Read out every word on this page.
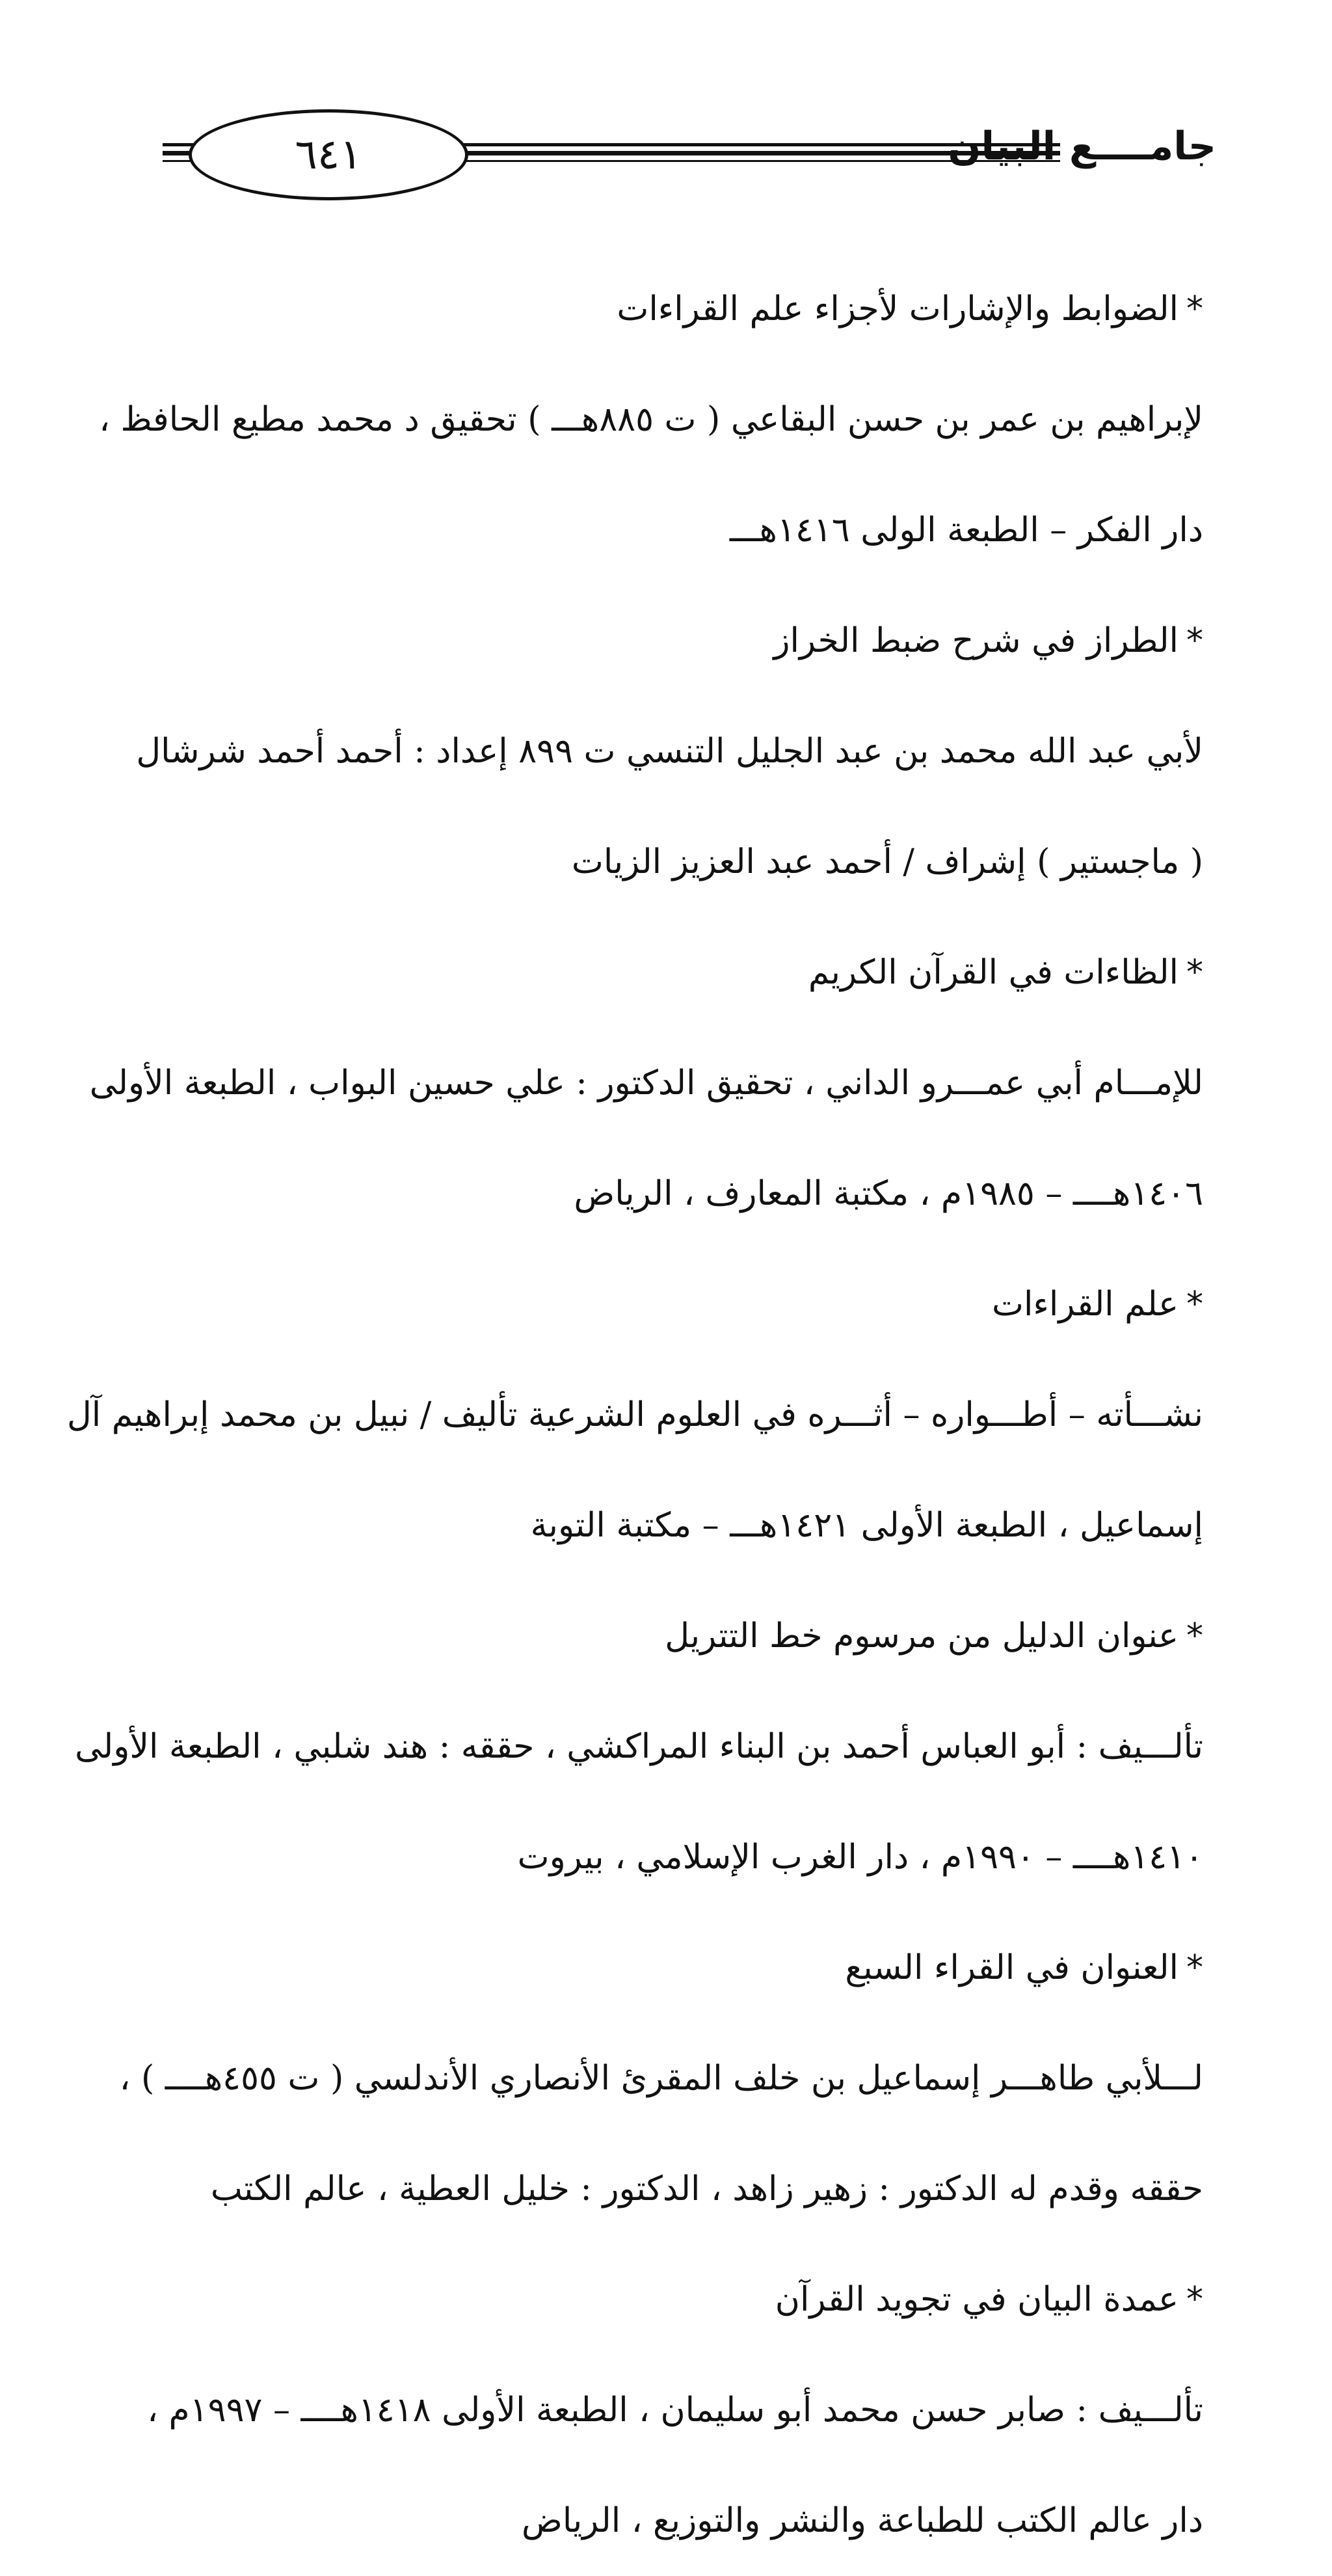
٦٤١	جامــــع البيان

*الضوابط والإشارات لأجزاء علم القراءات

لإبراهيم بن عمر بن حسن البقاعي ( ت ٨٨٥هـــ ) تحقيق د محمد مطيع الحافظ ،

دار الفكر – الطبعة الولى ١٤١٦هـــ

*الطراز في شرح ضبط الخراز

لأبي عبد الله محمد بن عبد الجليل التنسي ت ٨٩٩ إعداد : أحمد أحمد شرشال

( ماجستير ) إشراف / أحمد عبد العزيز الزيات

*الظاءات في القرآن الكريم

للإمـــام أبي عمـــرو الداني ، تحقيق الدكتور : علي حسين البواب ، الطبعة الأولى

١٤٠٦هــــ – ١٩٨٥م ، مكتبة المعارف ، الرياض

*علم القراءات

نشـــأته – أطـــواره – أثـــره في العلوم الشرعية تأليف / نبيل بن محمد إبراهيم آل

إسماعيل ، الطبعة الأولى ١٤٢١هـــ – مكتبة التوبة

*عنوان الدليل من مرسوم خط التتريل

تألـــيف : أبو العباس أحمد بن البناء المراكشي ، حققه : هند شلبي ، الطبعة الأولى

١٤١٠هــــ – ١٩٩٠م ، دار الغرب الإسلامي ، بيروت

*العنوان في القراء السبع

لـــلأبي طاهـــر إسماعيل بن خلف المقرئ الأنصاري الأندلسي ( ت ٤٥٥هــــ ) ،

حققه وقدم له الدكتور : زهير زاهد ، الدكتور : خليل العطية ، عالم الكتب

*عمدة البيان في تجويد القرآن

تألـــيف : صابر حسن محمد أبو سليمان ، الطبعة الأولى ١٤١٨هــــ – ١٩٩٧م ،

دار عالم الكتب للطباعة والنشر والتوزيع ، الرياض
